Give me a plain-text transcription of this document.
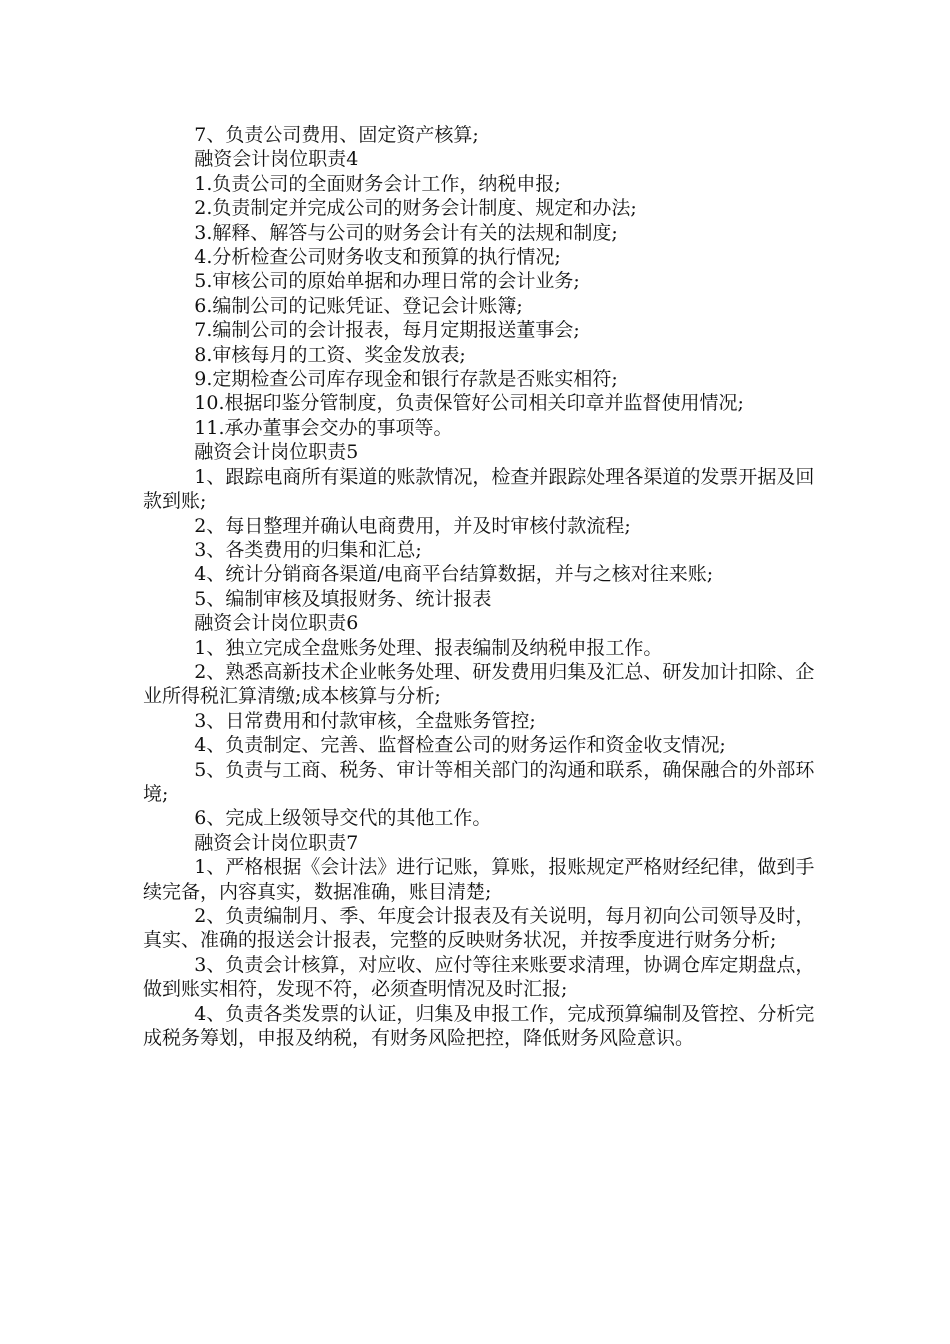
7、负责公司费用、固定资产核算;

融资会计岗位职责4

1.负责公司的全面财务会计工作，纳税申报;

2.负责制定并完成公司的财务会计制度、规定和办法;

3.解释、解答与公司的财务会计有关的法规和制度;

4.分析检查公司财务收支和预算的执行情况;

5.审核公司的原始单据和办理日常的会计业务;

6.编制公司的记账凭证、登记会计账簿;

7.编制公司的会计报表，每月定期报送董事会;

8.审核每月的工资、奖金发放表;

9.定期检查公司库存现金和银行存款是否账实相符;

10.根据印鉴分管制度，负责保管好公司相关印章并监督使用情况;

11.承办董事会交办的事项等。

融资会计岗位职责5

1、跟踪电商所有渠道的账款情况，检查并跟踪处理各渠道的发票开据及回款到账;

2、每日整理并确认电商费用，并及时审核付款流程;

3、各类费用的归集和汇总;

4、统计分销商各渠道/电商平台结算数据，并与之核对往来账;

5、编制审核及填报财务、统计报表

融资会计岗位职责6

1、独立完成全盘账务处理、报表编制及纳税申报工作。

2、熟悉高新技术企业帐务处理、研发费用归集及汇总、研发加计扣除、企业所得税汇算清缴;成本核算与分析;

3、日常费用和付款审核，全盘账务管控;

4、负责制定、完善、监督检查公司的财务运作和资金收支情况;

5、负责与工商、税务、审计等相关部门的沟通和联系，确保融合的外部环境;

6、完成上级领导交代的其他工作。

融资会计岗位职责7

1、严格根据《会计法》进行记账，算账，报账规定严格财经纪律，做到手续完备，内容真实，数据准确，账目清楚;

2、负责编制月、季、年度会计报表及有关说明，每月初向公司领导及时，真实、准确的报送会计报表，完整的反映财务状况，并按季度进行财务分析;

3、负责会计核算，对应收、应付等往来账要求清理，协调仓库定期盘点，做到账实相符，发现不符，必须查明情况及时汇报;

4、负责各类发票的认证，归集及申报工作，完成预算编制及管控、分析完成税务筹划，申报及纳税，有财务风险把控，降低财务风险意识。
